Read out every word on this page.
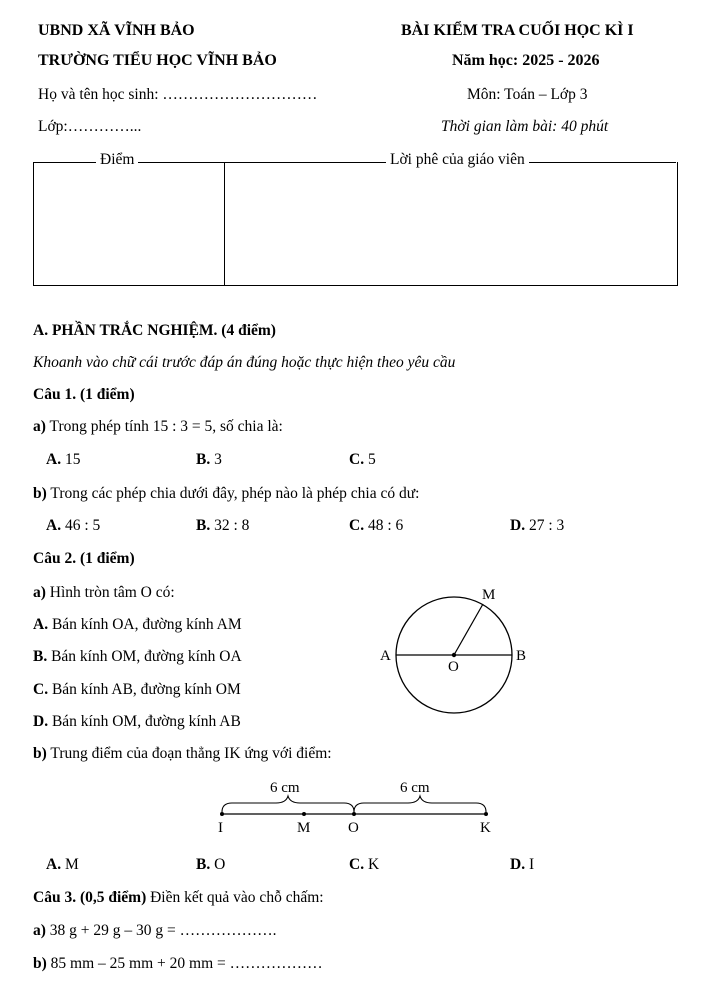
UBND XÃ VĨNH BẢO
TRƯỜNG TIỂU HỌC VĨNH BẢO
BÀI KIỂM TRA CUỐI HỌC KÌ I
Năm học: 2025 - 2026
Họ và tên học sinh: …………………………	Môn: Toán – Lớp 3
Lớp:…………...	Thời gian làm bài: 40 phút
Điểm	Lời phê của giáo viên
A. PHẦN TRẮC NGHIỆM. (4 điểm)
Khoanh vào chữ cái trước đáp án đúng hoặc thực hiện theo yêu cầu
Câu 1. (1 điểm)
a) Trong phép tính 15 : 3 = 5, số chia là:
A. 15	B. 3	C. 5
b) Trong các phép chia dưới đây, phép nào là phép chia có dư:
A. 46 : 5	B. 32 : 8	C. 48 : 6	D. 27 : 3
Câu 2. (1 điểm)
a) Hình tròn tâm O có:
A. Bán kính OA, đường kính AM
B. Bán kính OM, đường kính OA
C. Bán kính AB, đường kính OM
D. Bán kính OM, đường kính AB
M
A
O
B
b) Trung điểm của đoạn thẳng IK ứng với điểm:
6 cm	6 cm
I	M	O	K
A. M	B. O	C. K	D. I
Câu 3. (0,5 điểm) Điền kết quả vào chỗ chấm:
a) 38 g + 29 g – 30 g = ……………….
b) 85 mm – 25 mm + 20 mm = ………………
